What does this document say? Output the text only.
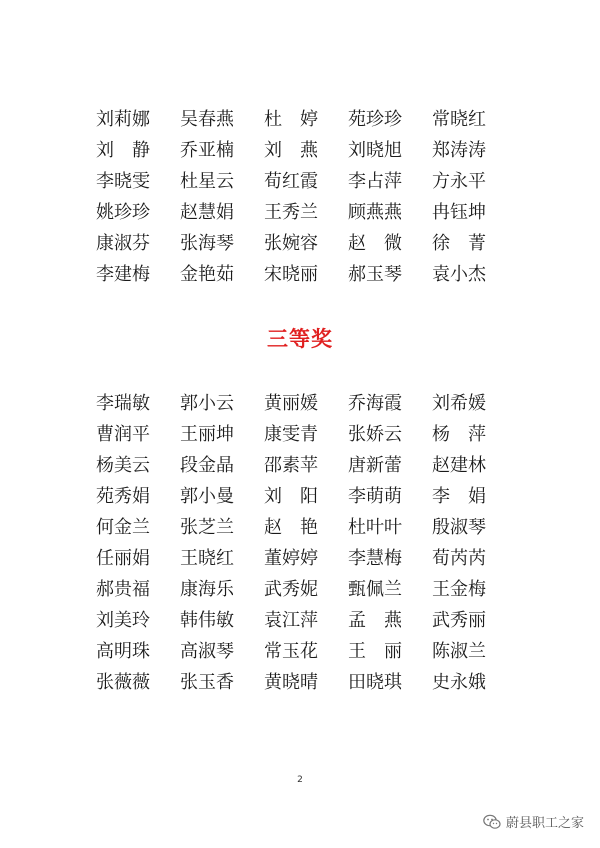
刘莉娜	吴春燕	杜　婷	苑珍珍	常晓红
刘　静	乔亚楠	刘　燕	刘晓旭	郑涛涛
李晓雯	杜星云	荀红霞	李占萍	方永平
姚珍珍	赵慧娟	王秀兰	顾燕燕	冉钰坤
康淑芬	张海琴	张婉容	赵　微	徐　菁
李建梅	金艳茹	宋晓丽	郝玉琴	袁小杰
三等奖
李瑞敏	郭小云	黄丽媛	乔海霞	刘希媛
曹润平	王丽坤	康雯青	张娇云	杨　萍
杨美云	段金晶	邵素苹	唐新蕾	赵建林
苑秀娟	郭小曼	刘　阳	李萌萌	李　娟
何金兰	张芝兰	赵　艳	杜叶叶	殷淑琴
任丽娟	王晓红	董婷婷	李慧梅	荀芮芮
郝贵福	康海乐	武秀妮	甄佩兰	王金梅
刘美玲	韩伟敏	袁江萍	孟　燕	武秀丽
高明珠	高淑琴	常玉花	王　丽	陈淑兰
张薇薇	张玉香	黄晓晴	田晓琪	史永娥
2
蔚县职工之家
